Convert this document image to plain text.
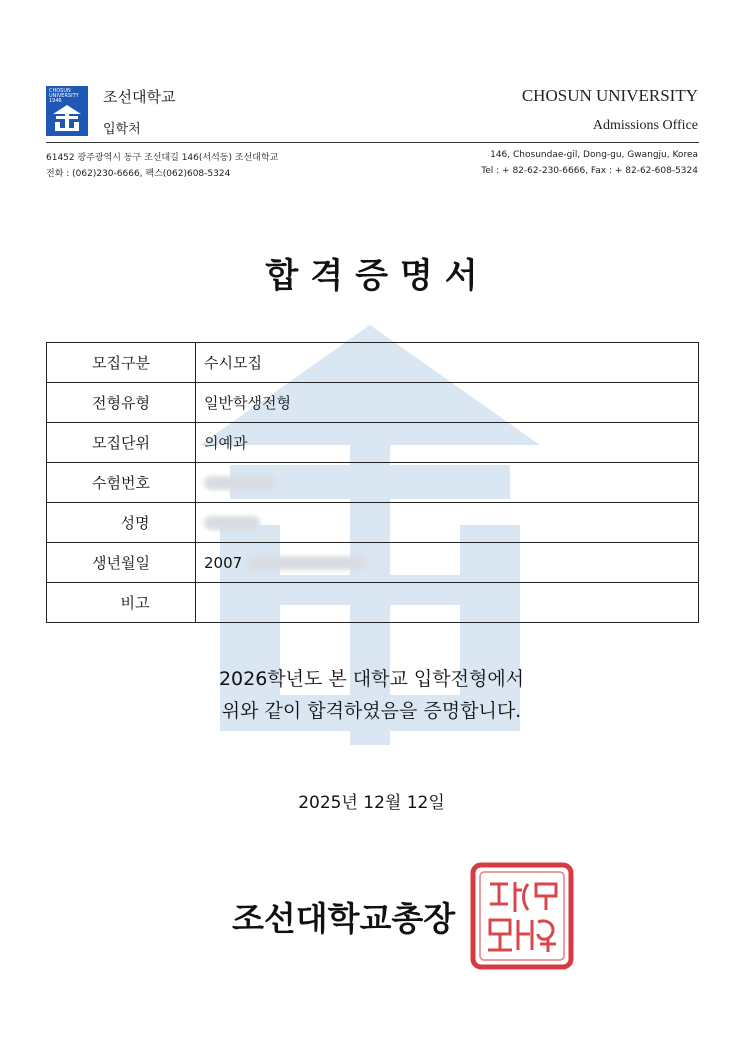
CHOSUN UNIVERSITY 1946	조선대학교
입학처
CHOSUN UNIVERSITY
Admissions Office
61452 광주광역시 동구 조선대길 146(서석동) 조선대학교
전화 : (062)230-6666, 팩스(062)608-5324
146, Chosundae-gil, Dong-gu, Gwangju, Korea
Tel : + 82-62-230-6666, Fax : + 82-62-608-5324
합격증명서
모집구분	수시모집
전형유형	일반학생전형
모집단위	의예과
수험번호	
성명	
생년월일	2007
비고	
2026학년도 본 대학교 입학전형에서
위와 같이 합격하였음을 증명합니다.
2025년 12월 12일
조선대학교총장
